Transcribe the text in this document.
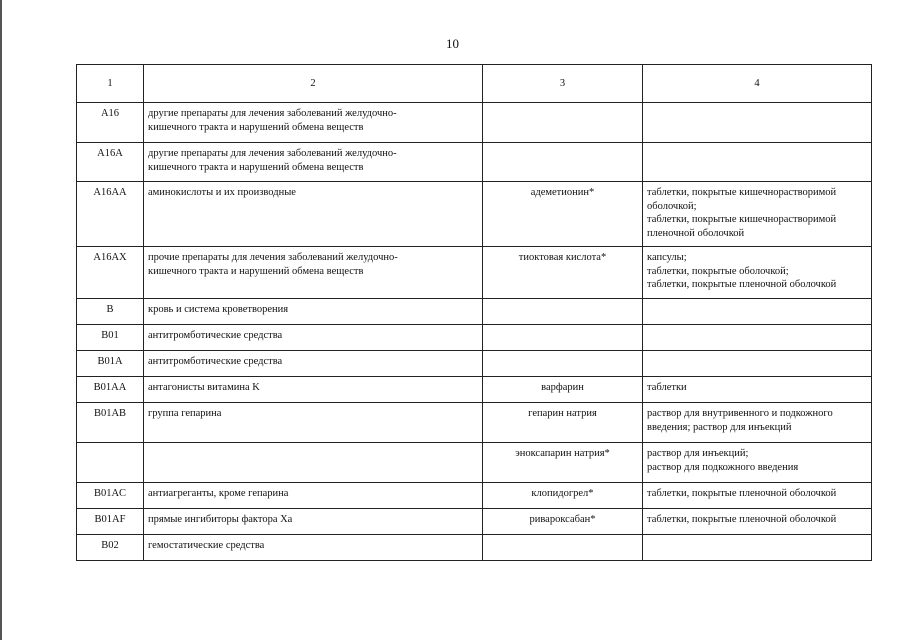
10
1	2	3	4
A16	другие препараты для лечения заболеваний желудочно-
кишечного тракта и нарушений обмена веществ		

A16A	другие препараты для лечения заболеваний желудочно-
кишечного тракта и нарушений обмена веществ		

A16AA	аминокислоты и их производные	адеметионин*	таблетки, покрытые кишечнорастворимой
оболочкой;
таблетки, покрытые кишечнорастворимой
пленочной оболочкой

A16AX	прочие препараты для лечения заболеваний желудочно-
кишечного тракта и нарушений обмена веществ	тиоктовая кислота*	капсулы;
таблетки, покрытые оболочкой;
таблетки, покрытые пленочной оболочкой

B	кровь и система кроветворения		

B01	антитромботические средства		

B01A	антитромботические средства		

B01AA	антагонисты витамина K	варфарин	таблетки

B01AB	группа гепарина	гепарин натрия	раствор для внутривенного и подкожного
введения; раствор для инъекций

		эноксапарин натрия*	раствор для инъекций;
раствор для подкожного введения

B01AC	антиагреганты, кроме гепарина	клопидогрел*	таблетки, покрытые пленочной оболочкой

B01AF	прямые ингибиторы фактора Xa	ривароксабан*	таблетки, покрытые пленочной оболочкой

B02	гемостатические средства		
